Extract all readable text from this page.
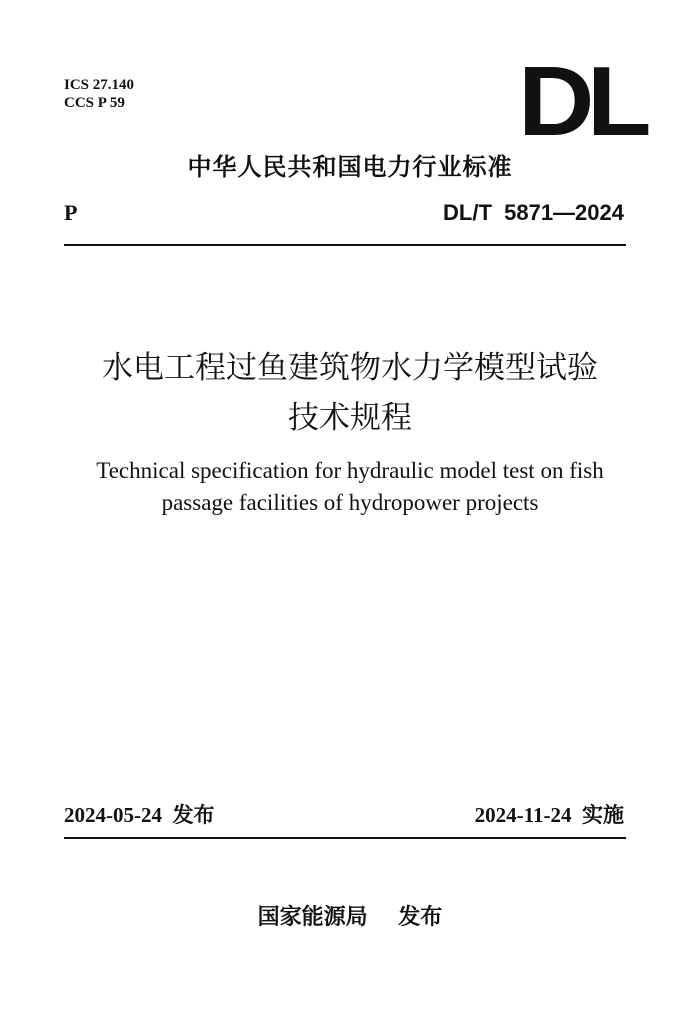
ICS 27.140
CCS P 59	DL
中华人民共和国电力行业标准
P	DL/T  5871—2024
水电工程过鱼建筑物水力学模型试验
技术规程
Technical specification for hydraulic model test on fish
passage facilities of hydropower projects
2024-05-24  发布	2024-11-24  实施
国家能源局    发布
